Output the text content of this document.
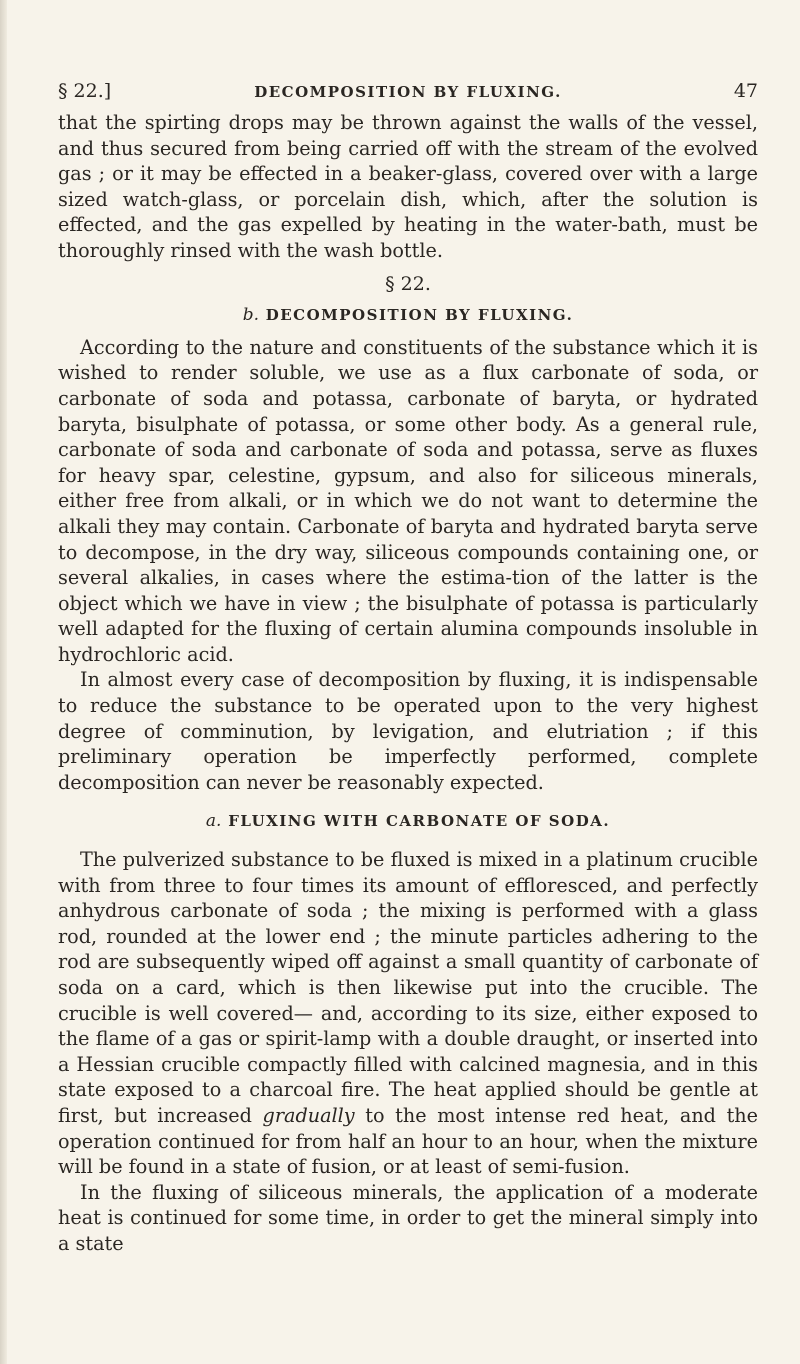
§ 22.]	DECOMPOSITION BY FLUXING.	47

that the spirting drops may be thrown against the walls of the vessel, and thus secured from being carried off with the stream of the evolved gas ; or it may be effected in a beaker-glass, covered over with a large sized watch-glass, or porcelain dish, which, after the solution is effected, and the gas expelled by heating in the water-bath, must be thoroughly rinsed with the wash bottle.

§ 22.
b. DECOMPOSITION BY FLUXING.

According to the nature and constituents of the substance which it is wished to render soluble, we use as a flux carbonate of soda, or carbonate of soda and potassa, carbonate of baryta, or hydrated baryta, bisulphate of potassa, or some other body. As a general rule, carbonate of soda and carbonate of soda and potassa, serve as fluxes for heavy spar, celestine, gypsum, and also for siliceous minerals, either free from alkali, or in which we do not want to determine the alkali they may contain. Carbonate of baryta and hydrated baryta serve to decompose, in the dry way, siliceous compounds containing one, or several alkalies, in cases where the estima-tion of the latter is the object which we have in view ; the bisulphate of potassa is particularly well adapted for the fluxing of certain alumina compounds insoluble in hydrochloric acid.

In almost every case of decomposition by fluxing, it is indispensable to reduce the substance to be operated upon to the very highest degree of comminution, by levigation, and elutriation ; if this preliminary operation be imperfectly performed, complete decomposition can never be reasonably expected.

a. FLUXING WITH CARBONATE OF SODA.

The pulverized substance to be fluxed is mixed in a platinum crucible with from three to four times its amount of effloresced, and perfectly anhydrous carbonate of soda ; the mixing is performed with a glass rod, rounded at the lower end ; the minute particles adhering to the rod are subsequently wiped off against a small quantity of carbonate of soda on a card, which is then likewise put into the crucible. The crucible is well covered— and, according to its size, either exposed to the flame of a gas or spirit-lamp with a double draught, or inserted into a Hessian crucible compactly filled with calcined magnesia, and in this state exposed to a charcoal fire. The heat applied should be gentle at first, but increased gradually to the most intense red heat, and the operation continued for from half an hour to an hour, when the mixture will be found in a state of fusion, or at least of semi-fusion.

In the fluxing of siliceous minerals, the application of a moderate heat is continued for some time, in order to get the mineral simply into a state
